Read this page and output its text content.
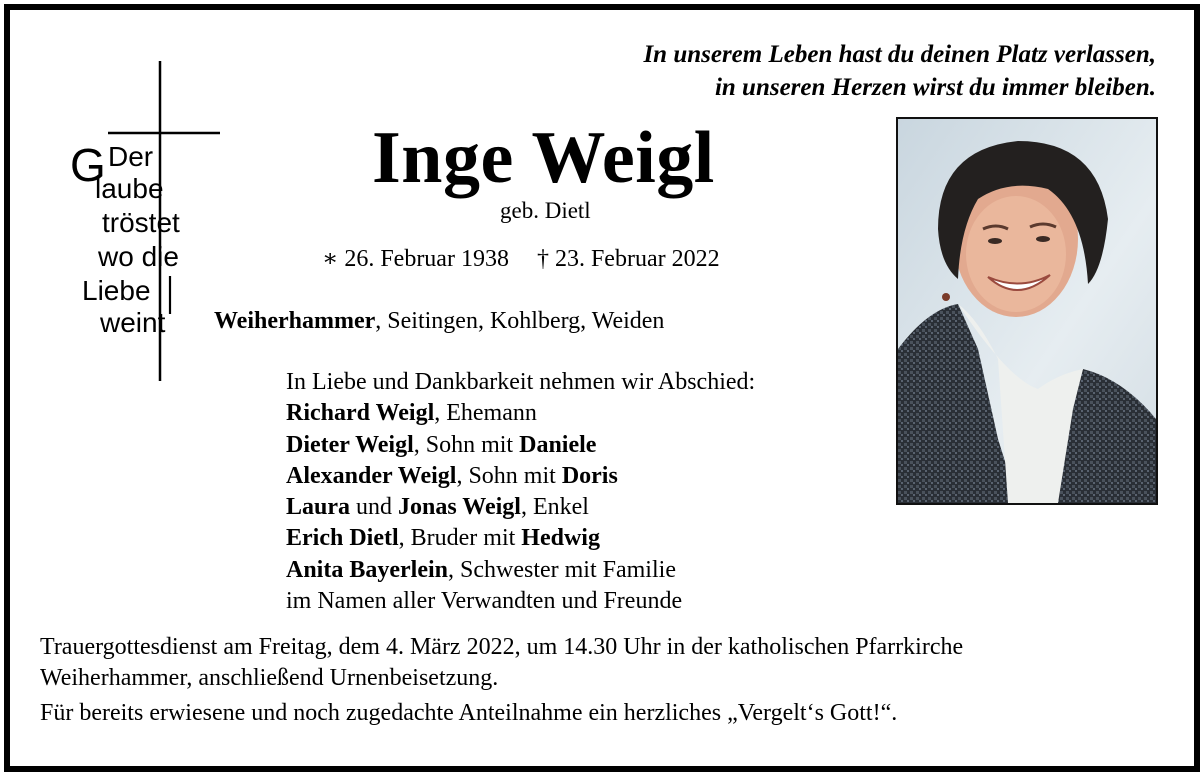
In unserem Leben hast du deinen Platz verlassen,
in unseren Herzen wirst du immer bleiben.
G Der
laube
tröstet
wo die
Liebe
weint
Inge Weigl
geb. Dietl
∗ 26. Februar 1938 † 23. Februar 2022
Weiherhammer, Seitingen, Kohlberg, Weiden
In Liebe und Dankbarkeit nehmen wir Abschied:
Richard Weigl, Ehemann
Dieter Weigl, Sohn mit Daniele
Alexander Weigl, Sohn mit Doris
Laura und Jonas Weigl, Enkel
Erich Dietl, Bruder mit Hedwig
Anita Bayerlein, Schwester mit Familie
im Namen aller Verwandten und Freunde
Trauergottesdienst am Freitag, dem 4. März 2022, um 14.30 Uhr in der katholischen Pfarrkirche
Weiherhammer, anschließend Urnenbeisetzung.
Für bereits erwiesene und noch zugedachte Anteilnahme ein herzliches „Vergelt‘s Gott!“.
